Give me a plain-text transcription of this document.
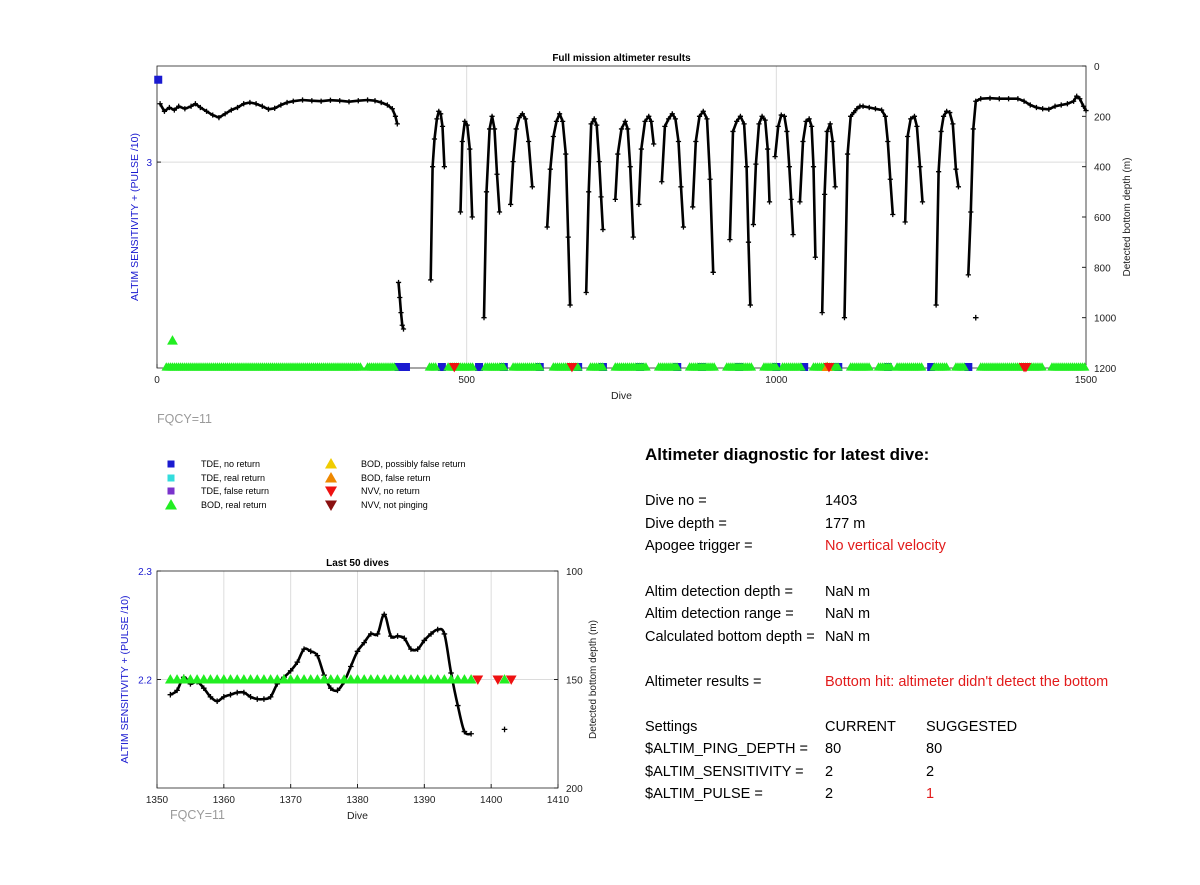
0	500	1000	1500
3
0
200
400
600
800
1000
1200
Full mission altimeter results
Dive
ALTIM SENSITIVITY + (PULSE /10)	Detected bottom depth (m)
1350	1360	1370	1380	1390	1400	1410
2.2
2.3	100
150
200
Last 50 dives
Dive
ALTIM SENSITIVITY + (PULSE /10)	Detected bottom depth (m)
FQCY=11
FQCY=11
TDE, no return
TDE, real return
TDE, false return
BOD, real return
BOD, possibly false return
BOD, false return
NVV, no return
NVV, not pinging
Altimeter diagnostic for latest dive:
Dive no =	1403
Dive depth =	177 m
Apogee trigger =	No vertical velocity
Altim detection depth = NaN m
Altim detection range = NaN m
Calculated bottom depth = NaN m
Altimeter results =	Bottom hit: altimeter didn't detect the bottom
Settings	CURRENT SUGGESTED
$ALTIM_PING_DEPTH = 80	80
$ALTIM_SENSITIVITY = 2	2
$ALTIM_PULSE =	2	1
